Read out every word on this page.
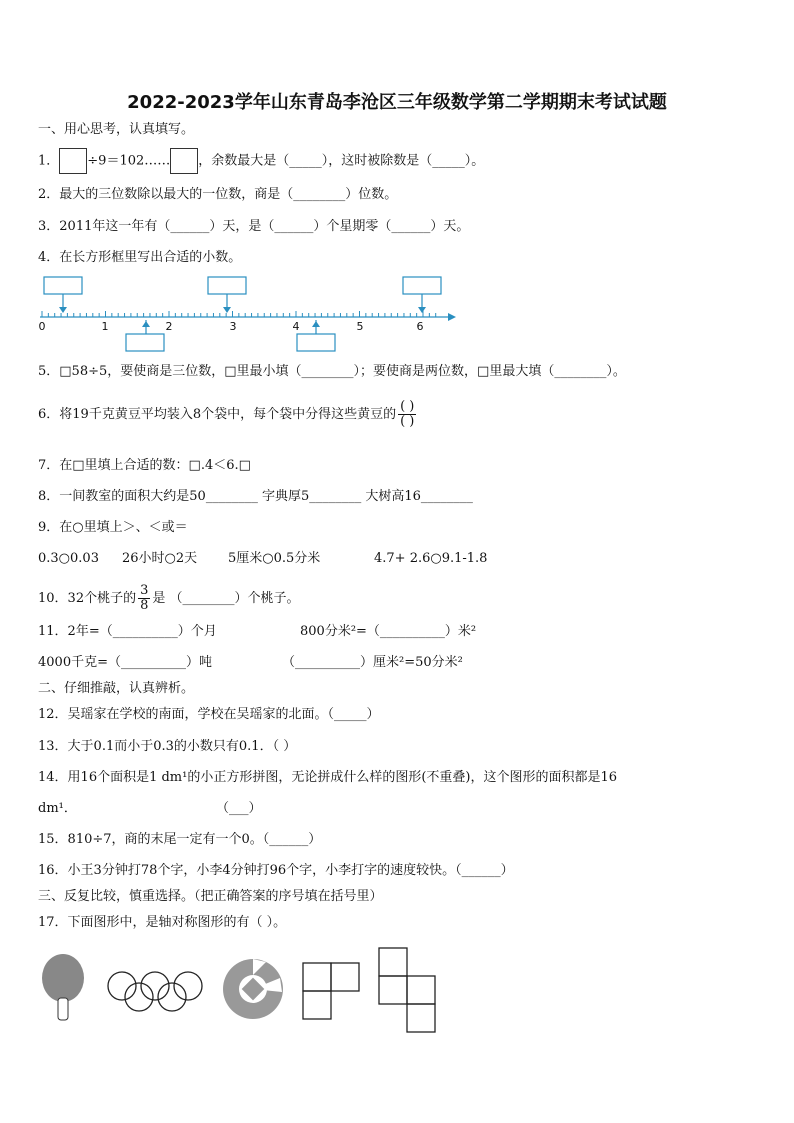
2022-2023学年山东青岛李沧区三年级数学第二学期期末考试试题
一、用心思考，认真填写。
1． ÷9＝102…… ，余数最大是（_____），这时被除数是（_____）。
2．最大的三位数除以最大的一位数，商是（________）位数。
3．2011年这一年有（______）天，是（______）个星期零（______）天。
4．在长方形框里写出合适的小数。
0	1	2	3	4	5	6
5．□58÷5，要使商是三位数，□里最小填（________）；要使商是两位数，□里最大填（________）。
6．将19千克黄豆平均装入8个袋中，每个袋中分得这些黄豆的 $\frac{( )}{( )}$
7．在□里填上合适的数：□.4＜6.□
8．一间教室的面积大约是50________ 字典厚5________ 大树高16________
9．在○里填上＞、＜或＝
0.3○0.03 26小时○2天 5厘米○0.5分米	4.7+ 2.6○9.1-1.8
10．32个桃子的 $\frac{3}{8}$ 是 （________）个桃子。
11．2年=（__________）个月	800分米²=（__________）米²
4000千克=（__________）吨	（__________）厘米²=50分米²
二、仔细推敲，认真辨析。
12．吴瑶家在学校的南面，学校在吴瑶家的北面。（_____）
13．大于0.1而小于0.3的小数只有0.1．（ ）
14．用16个面积是1 dm¹的小正方形拼图，无论拼成什么样的图形(不重叠)，这个图形的面积都是16
dm¹．	（___）
15．810÷7，商的末尾一定有一个0。（______）
16．小王3分钟打78个字，小李4分钟打96个字，小李打字的速度较快。（______）
三、反复比较，慎重选择。（把正确答案的序号填在括号里）
17．下面图形中，是轴对称图形的有（ ）。
